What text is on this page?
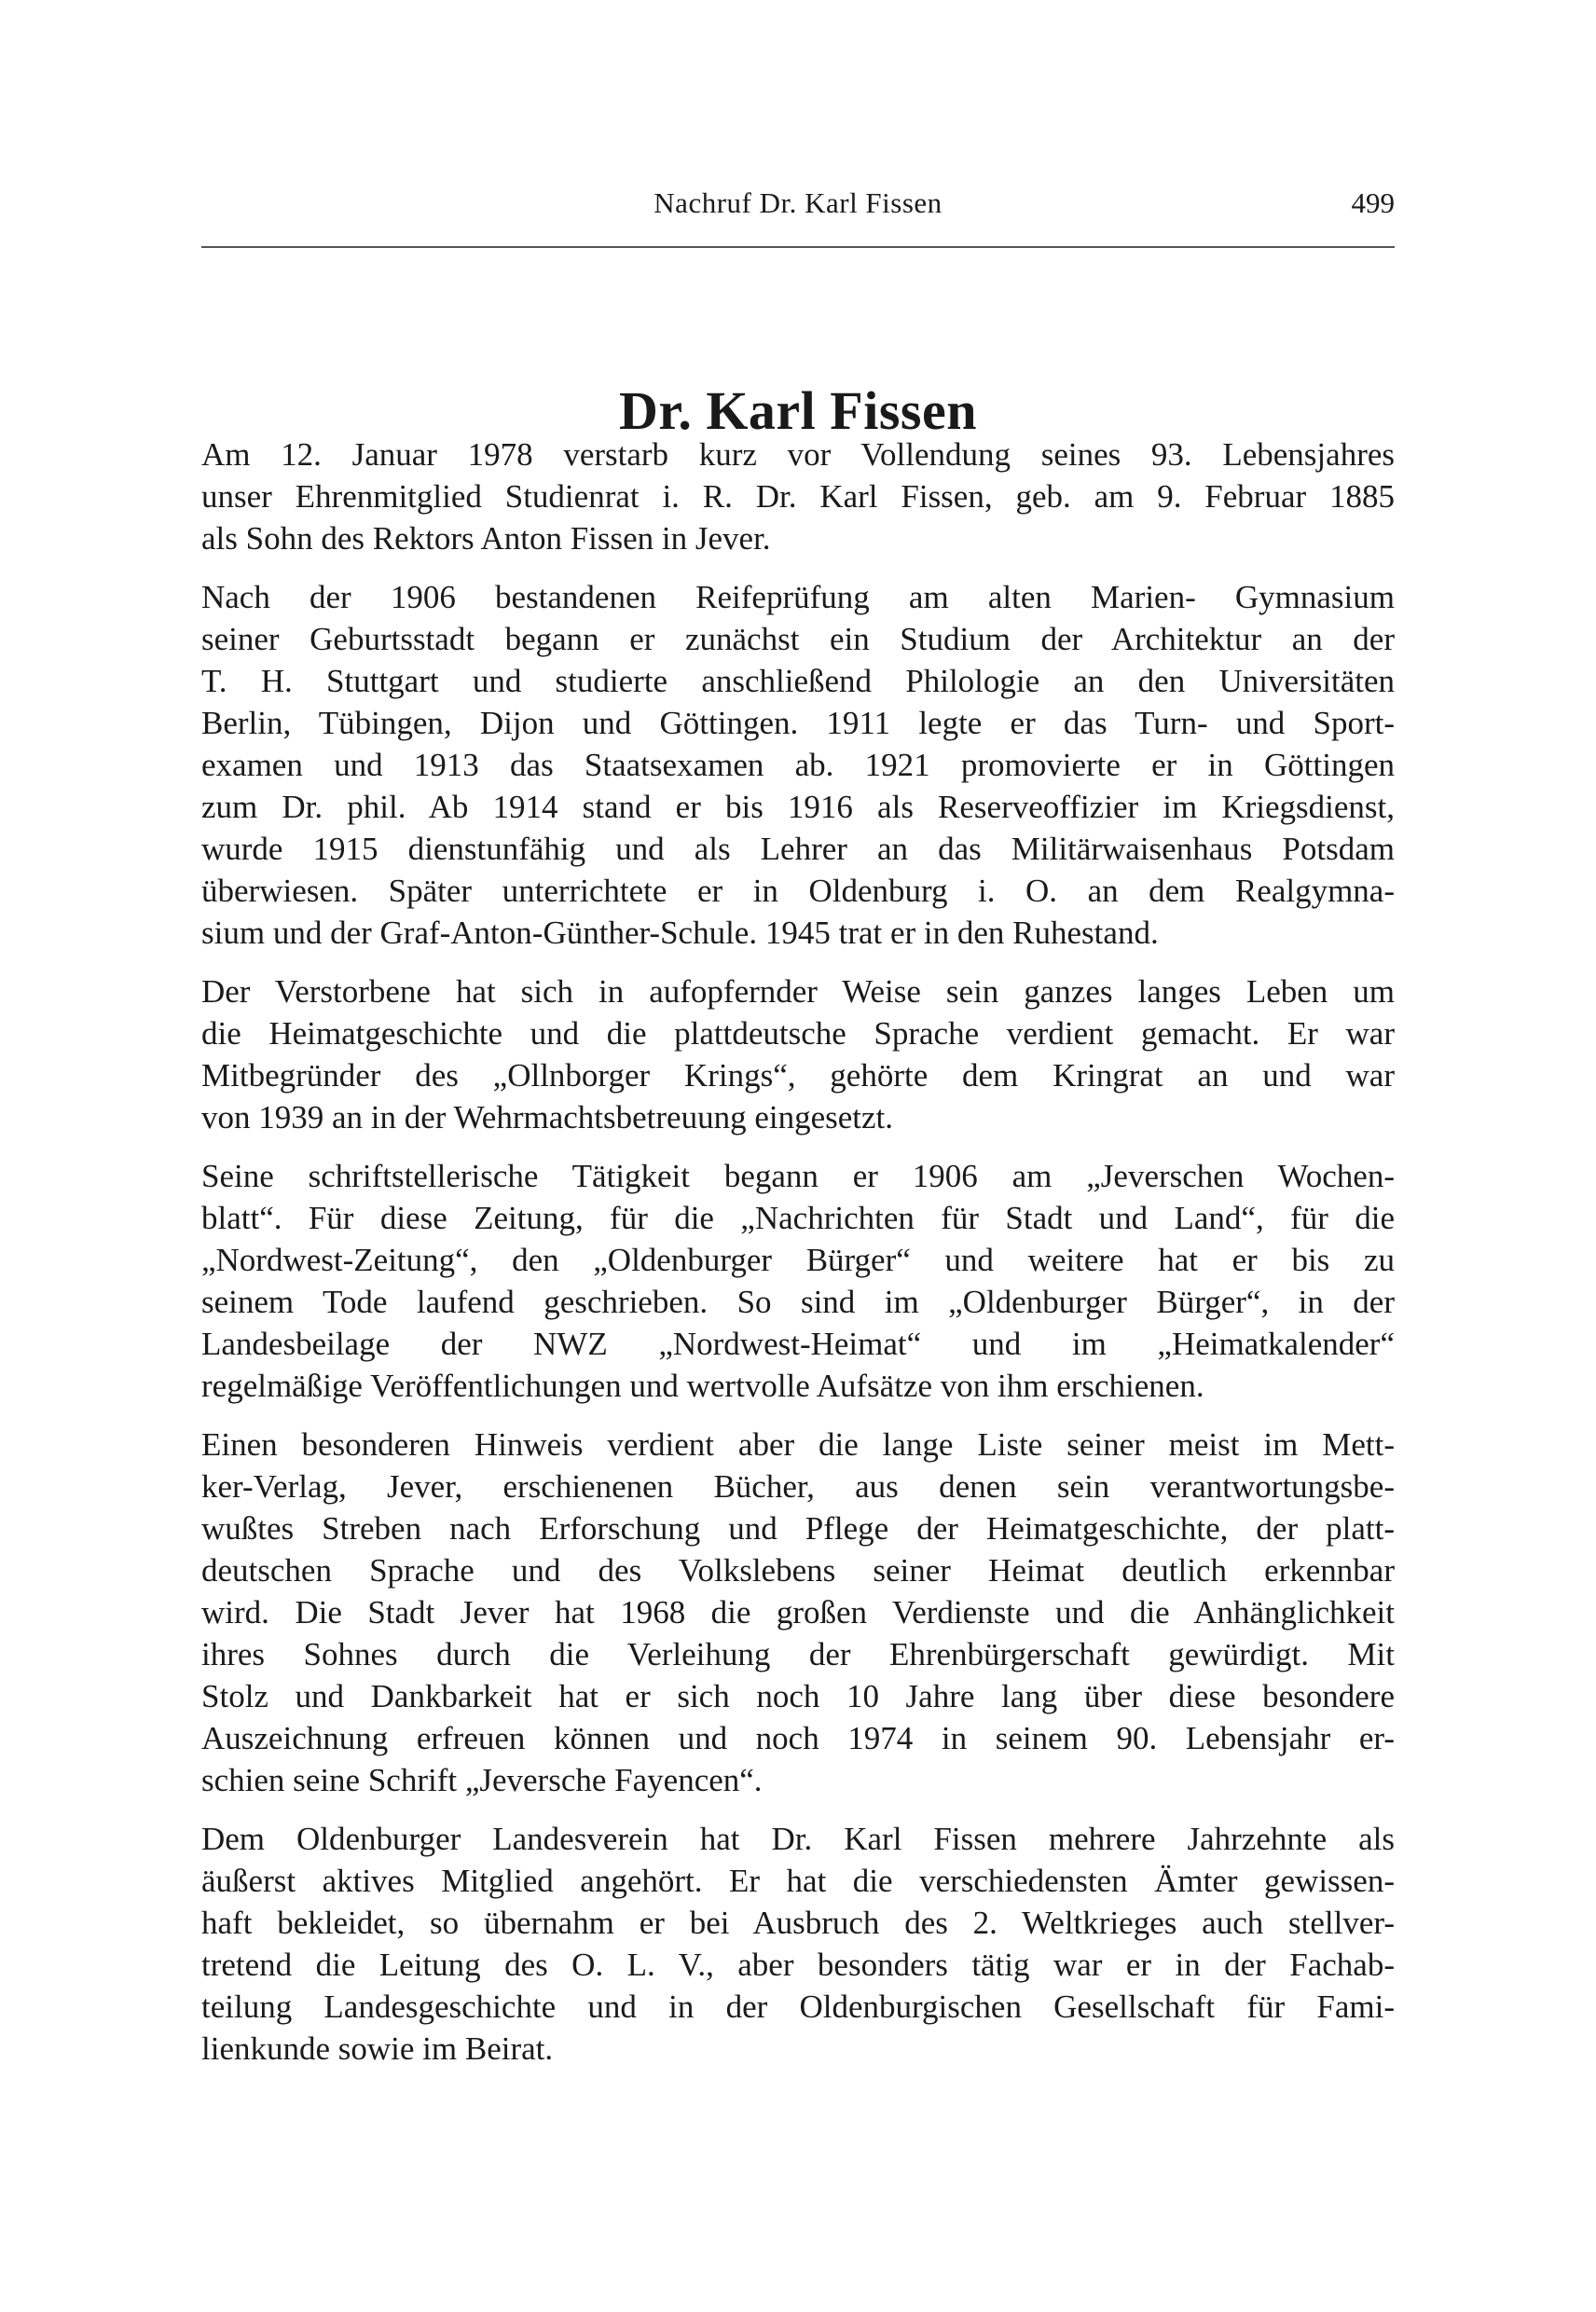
Nachruf Dr. Karl Fissen	499
Dr. Karl Fissen
Am 12. Januar 1978 verstarb kurz vor Vollendung seines 93. Lebensjahres
unser Ehrenmitglied Studienrat i. R. Dr. Karl Fissen, geb. am 9. Februar 1885
als Sohn des Rektors Anton Fissen in Jever.
Nach der 1906 bestandenen Reifeprüfung am alten Marien- Gymnasium
seiner Geburtsstadt begann er zunächst ein Studium der Architektur an der
T. H. Stuttgart und studierte anschließend Philologie an den Universitäten
Berlin, Tübingen, Dijon und Göttingen. 1911 legte er das Turn- und Sport-
examen und 1913 das Staatsexamen ab. 1921 promovierte er in Göttingen
zum Dr. phil. Ab 1914 stand er bis 1916 als Reserveoffizier im Kriegsdienst,
wurde 1915 dienstunfähig und als Lehrer an das Militärwaisenhaus Potsdam
überwiesen. Später unterrichtete er in Oldenburg i. O. an dem Realgymna-
sium und der Graf-Anton-Günther-Schule. 1945 trat er in den Ruhestand.
Der Verstorbene hat sich in aufopfernder Weise sein ganzes langes Leben um
die Heimatgeschichte und die plattdeutsche Sprache verdient gemacht. Er war
Mitbegründer des „Ollnborger Krings“, gehörte dem Kringrat an und war
von 1939 an in der Wehrmachtsbetreuung eingesetzt.
Seine schriftstellerische Tätigkeit begann er 1906 am „Jeverschen Wochen-
blatt“. Für diese Zeitung, für die „Nachrichten für Stadt und Land“, für die
„Nordwest-Zeitung“, den „Oldenburger Bürger“ und weitere hat er bis zu
seinem Tode laufend geschrieben. So sind im „Oldenburger Bürger“, in der
Landesbeilage der NWZ „Nordwest-Heimat“ und im „Heimatkalender“
regelmäßige Veröffentlichungen und wertvolle Aufsätze von ihm erschienen.
Einen besonderen Hinweis verdient aber die lange Liste seiner meist im Mett-
ker-Verlag, Jever, erschienenen Bücher, aus denen sein verantwortungsbe-
wußtes Streben nach Erforschung und Pflege der Heimatgeschichte, der platt-
deutschen Sprache und des Volkslebens seiner Heimat deutlich erkennbar
wird. Die Stadt Jever hat 1968 die großen Verdienste und die Anhänglichkeit
ihres Sohnes durch die Verleihung der Ehrenbürgerschaft gewürdigt. Mit
Stolz und Dankbarkeit hat er sich noch 10 Jahre lang über diese besondere
Auszeichnung erfreuen können und noch 1974 in seinem 90. Lebensjahr er-
schien seine Schrift „Jeversche Fayencen“.
Dem Oldenburger Landesverein hat Dr. Karl Fissen mehrere Jahrzehnte als
äußerst aktives Mitglied angehört. Er hat die verschiedensten Ämter gewissen-
haft bekleidet, so übernahm er bei Ausbruch des 2. Weltkrieges auch stellver-
tretend die Leitung des O. L. V., aber besonders tätig war er in der Fachab-
teilung Landesgeschichte und in der Oldenburgischen Gesellschaft für Fami-
lienkunde sowie im Beirat.
